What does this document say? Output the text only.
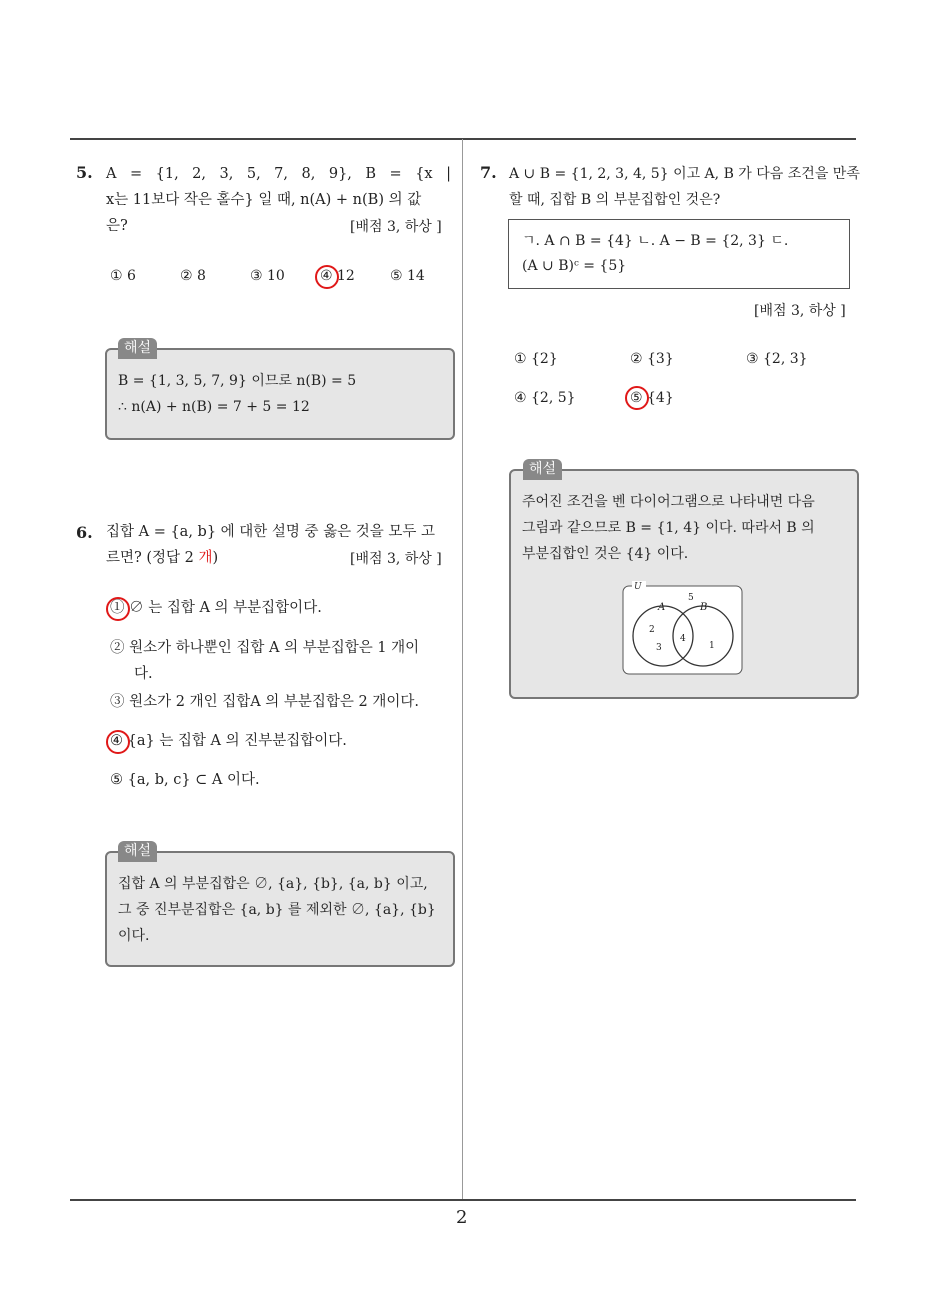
2
5. A = {1, 2, 3, 5, 7, 8, 9}, B = {x |
x는 11보다 작은 홀수} 일 때, n(A) + n(B) 의 값
은?	[배점 3, 하상 ]
① 6	② 8	③ 10	④ 12	⑤ 14
해설
B = {1, 3, 5, 7, 9} 이므로 n(B) = 5
∴ n(A) + n(B) = 7 + 5 = 12
6. 집합 A = {a, b} 에 대한 설명 중 옳은 것을 모두 고
르면? (정답 2 개)	[배점 3, 하상 ]
① ∅ 는 집합 A 의 부분집합이다.
② 원소가 하나뿐인 집합 A 의 부분집합은 1 개이
다.
③ 원소가 2 개인 집합A 의 부분집합은 2 개이다.
④ {a} 는 집합 A 의 진부분집합이다.
⑤ {a, b, c} ⊂ A 이다.
해설
집합 A 의 부분집합은 ∅, {a}, {b}, {a, b} 이고,
그 중 진부분집합은 {a, b} 를 제외한 ∅, {a}, {b}
이다.
7. A ∪ B = {1, 2, 3, 4, 5} 이고 A, B 가 다음 조건을 만족
할 때, 집합 B 의 부분집합인 것은?
ㄱ. A ∩ B = {4} ㄴ. A − B = {2, 3} ㄷ.
(A ∪ B)ᶜ = {5}
[배점 3, 하상 ]
① {2}	② {3}	③ {2, 3}
④ {2, 5}	⑤ {4}
해설
주어진 조건을 벤 다이어그램으로 나타내면 다음
그림과 같으므로 B = {1, 4} 이다. 따라서 B 의
부분집합인 것은 {4} 이다.
U
A	B
5
2
3
4
1
